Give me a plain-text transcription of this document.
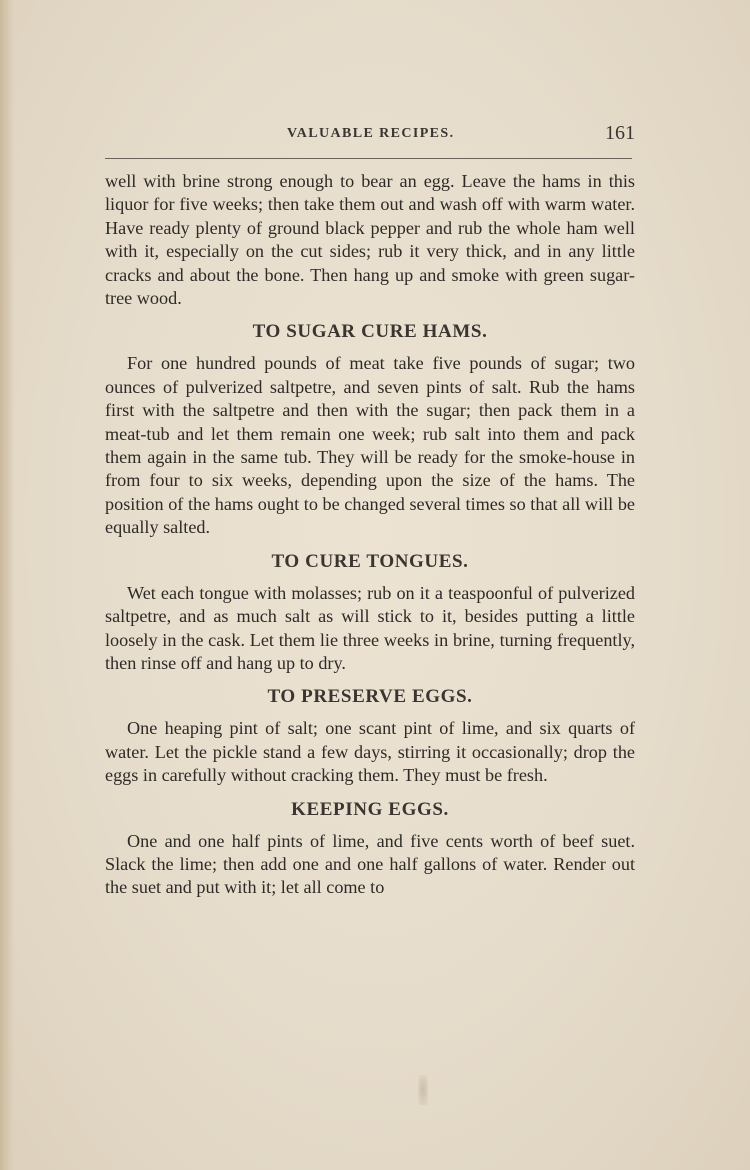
VALUABLE RECIPES.	161

well with brine strong enough to bear an egg. Leave the hams in this liquor for five weeks; then take them out and wash off with warm water. Have ready plenty of ground black pepper and rub the whole ham well with it, especially on the cut sides; rub it very thick, and in any little cracks and about the bone. Then hang up and smoke with green sugar-tree wood.

TO SUGAR CURE HAMS.

For one hundred pounds of meat take five pounds of sugar; two ounces of pulverized saltpetre, and seven pints of salt. Rub the hams first with the saltpetre and then with the sugar; then pack them in a meat-tub and let them remain one week; rub salt into them and pack them again in the same tub. They will be ready for the smoke-house in from four to six weeks, depending upon the size of the hams. The position of the hams ought to be changed several times so that all will be equally salted.

TO CURE TONGUES.

Wet each tongue with molasses; rub on it a teaspoonful of pulverized saltpetre, and as much salt as will stick to it, besides putting a little loosely in the cask. Let them lie three weeks in brine, turning frequently, then rinse off and hang up to dry.

TO PRESERVE EGGS.

One heaping pint of salt; one scant pint of lime, and six quarts of water. Let the pickle stand a few days, stirring it occasionally; drop the eggs in carefully without cracking them. They must be fresh.

KEEPING EGGS.

One and one half pints of lime, and five cents worth of beef suet. Slack the lime; then add one and one half gallons of water. Render out the suet and put with it; let all come to
